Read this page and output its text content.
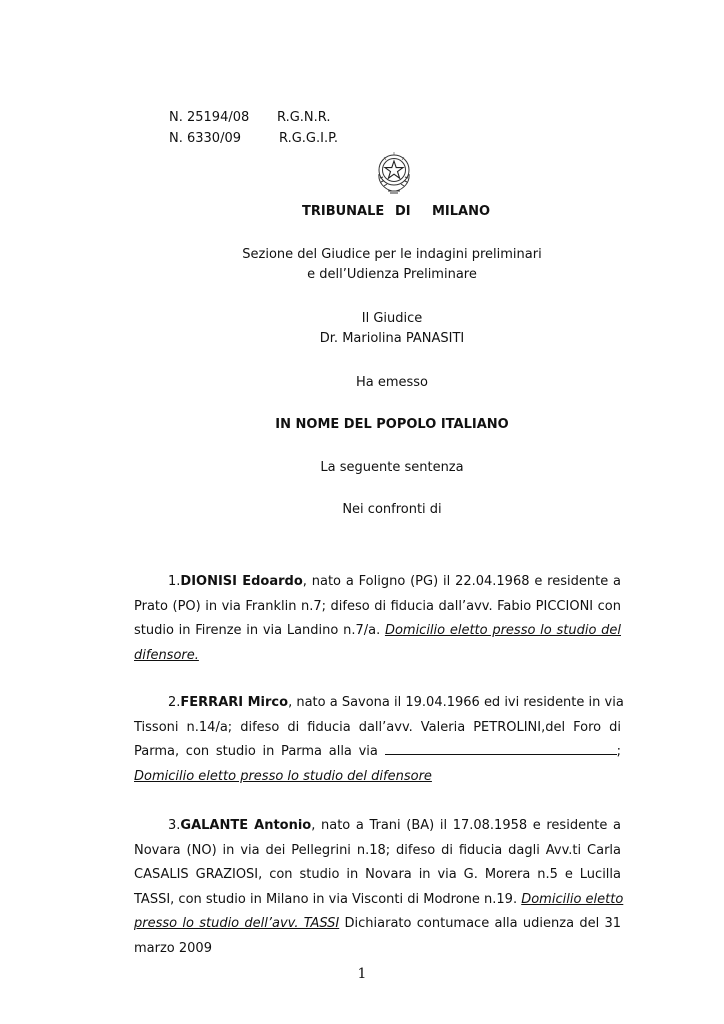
N. 25194/08 R.G.N.R.
N. 6330/09	R.G.G.I.P.
TRIBUNALE DI MILANO
Sezione del Giudice per le indagini preliminari
e dell’Udienza Preliminare
Il Giudice
Dr. Mariolina PANASITI
Ha emesso
IN NOME DEL POPOLO ITALIANO
La seguente sentenza
Nei confronti di
1.DIONISI Edoardo, nato a Foligno (PG) il 22.04.1968 e residente a
Prato (PO) in via Franklin n.7; difeso di fiducia dall’avv. Fabio PICCIONI con
studio in Firenze in via Landino n.7/a. Domicilio eletto presso lo studio del
difensore.
2.FERRARI Mirco, nato a Savona il 19.04.1966 ed ivi residente in via
Tissoni n.14/a; difeso di fiducia dall’avv. Valeria PETROLINI,del Foro di
Parma, con studio in Parma alla via	;
Domicilio eletto presso lo studio del difensore
3.GALANTE Antonio, nato a Trani (BA) il 17.08.1958 e residente a
Novara (NO) in via dei Pellegrini n.18; difeso di fiducia dagli Avv.ti Carla
CASALIS GRAZIOSI, con studio in Novara in via G. Morera n.5 e Lucilla
TASSI, con studio in Milano in via Visconti di Modrone n.19. Domicilio eletto
presso lo studio dell’avv. TASSI Dichiarato contumace alla udienza del 31
marzo 2009
1
